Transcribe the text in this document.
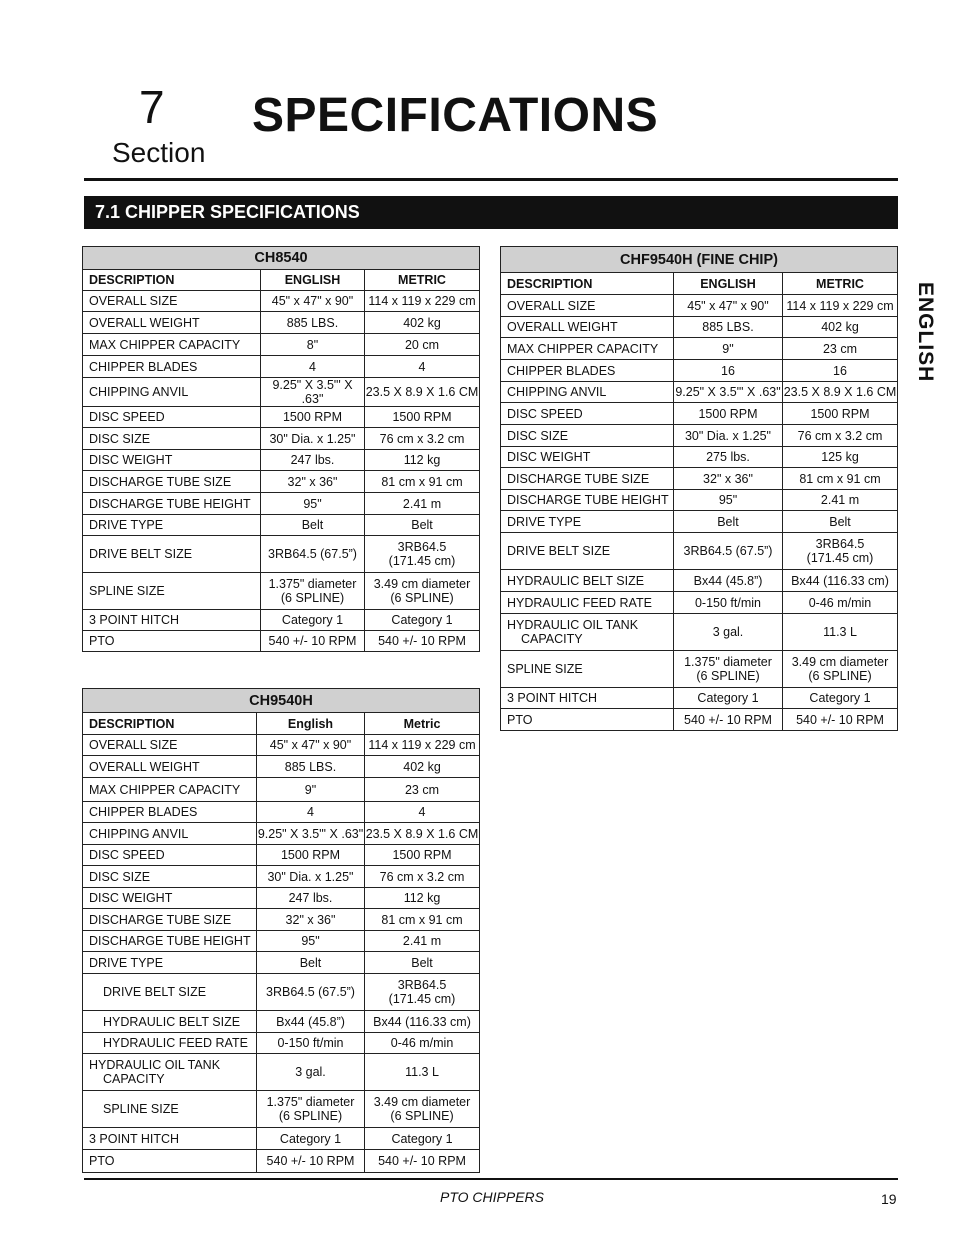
7
Section
SPECIFICATIONS
7.1 CHIPPER SPECIFICATIONS
ENGLISH
CH8540		

DESCRIPTION	ENGLISH	METRIC

OVERALL SIZE	45" x 47" x 90"	114 x 119 x 229 cm

OVERALL WEIGHT	885 LBS.	402 kg

MAX CHIPPER CAPACITY	8"	20 cm

CHIPPER BLADES	4	4

CHIPPING ANVIL	9.25" X 3.5"' X .63"	23.5 X 8.9 X 1.6 CM

DISC SPEED	1500 RPM	1500 RPM

DISC SIZE	30" Dia. x 1.25"	76 cm x 3.2 cm

DISC WEIGHT	247 lbs.	112 kg

DISCHARGE TUBE SIZE	32" x 36"	81 cm x 91 cm

DISCHARGE TUBE HEIGHT	95"	2.41 m

DRIVE TYPE	Belt	Belt

DRIVE BELT SIZE	3RB64.5 (67.5”)	3RB64.5
(171.45 cm)

SPLINE SIZE	1.375" diameter
(6 SPLINE)	3.49 cm diameter
(6 SPLINE)

3 POINT HITCH	Category 1	Category 1

PTO	540 +/- 10 RPM	540 +/- 10 RPM
CH9540H		

DESCRIPTION	English	Metric

OVERALL SIZE	45" x 47" x 90"	114 x 119 x 229 cm

OVERALL WEIGHT	885 LBS.	402 kg

MAX CHIPPER CAPACITY	9"	23 cm

CHIPPER BLADES	4	4

CHIPPING ANVIL	9.25" X 3.5"' X .63"	23.5 X 8.9 X 1.6 CM

DISC SPEED	1500 RPM	1500 RPM

DISC SIZE	30" Dia. x 1.25"	76 cm x 3.2 cm

DISC WEIGHT	247 lbs.	112 kg

DISCHARGE TUBE SIZE	32" x 36"	81 cm x 91 cm

DISCHARGE TUBE HEIGHT	95"	2.41 m

DRIVE TYPE	Belt	Belt

DRIVE BELT SIZE	3RB64.5 (67.5”)	3RB64.5
(171.45 cm)

HYDRAULIC BELT SIZE	Bx44 (45.8”)	Bx44 (116.33 cm)

HYDRAULIC FEED RATE	0-150 ft/min	0-46 m/min

HYDRAULIC OIL TANK CAPACITY	3 gal.	11.3 L

SPLINE SIZE	1.375" diameter
(6 SPLINE)	3.49 cm diameter
(6 SPLINE)

3 POINT HITCH	Category 1	Category 1

PTO	540 +/- 10 RPM	540 +/- 10 RPM
CHF9540H (FINE CHIP)		

DESCRIPTION	ENGLISH	METRIC

OVERALL SIZE	45" x 47" x 90"	114 x 119 x 229 cm

OVERALL WEIGHT	885 LBS.	402 kg

MAX CHIPPER CAPACITY	9"	23 cm

CHIPPER BLADES	16	16

CHIPPING ANVIL	9.25" X 3.5"' X .63"	23.5 X 8.9 X 1.6 CM

DISC SPEED	1500 RPM	1500 RPM

DISC SIZE	30" Dia. x 1.25"	76 cm x 3.2 cm

DISC WEIGHT	275 lbs.	125 kg

DISCHARGE TUBE SIZE	32" x 36"	81 cm x 91 cm

DISCHARGE TUBE HEIGHT	95"	2.41 m

DRIVE TYPE	Belt	Belt

DRIVE BELT SIZE	3RB64.5 (67.5”)	3RB64.5
(171.45 cm)

HYDRAULIC BELT SIZE	Bx44 (45.8”)	Bx44 (116.33 cm)

HYDRAULIC FEED RATE	0-150 ft/min	0-46 m/min

HYDRAULIC OIL TANK CAPACITY	3 gal.	11.3 L

SPLINE SIZE	1.375" diameter
(6 SPLINE)	3.49 cm diameter
(6 SPLINE)

3 POINT HITCH	Category 1	Category 1

PTO	540 +/- 10 RPM	540 +/- 10 RPM
PTO CHIPPERS	19
